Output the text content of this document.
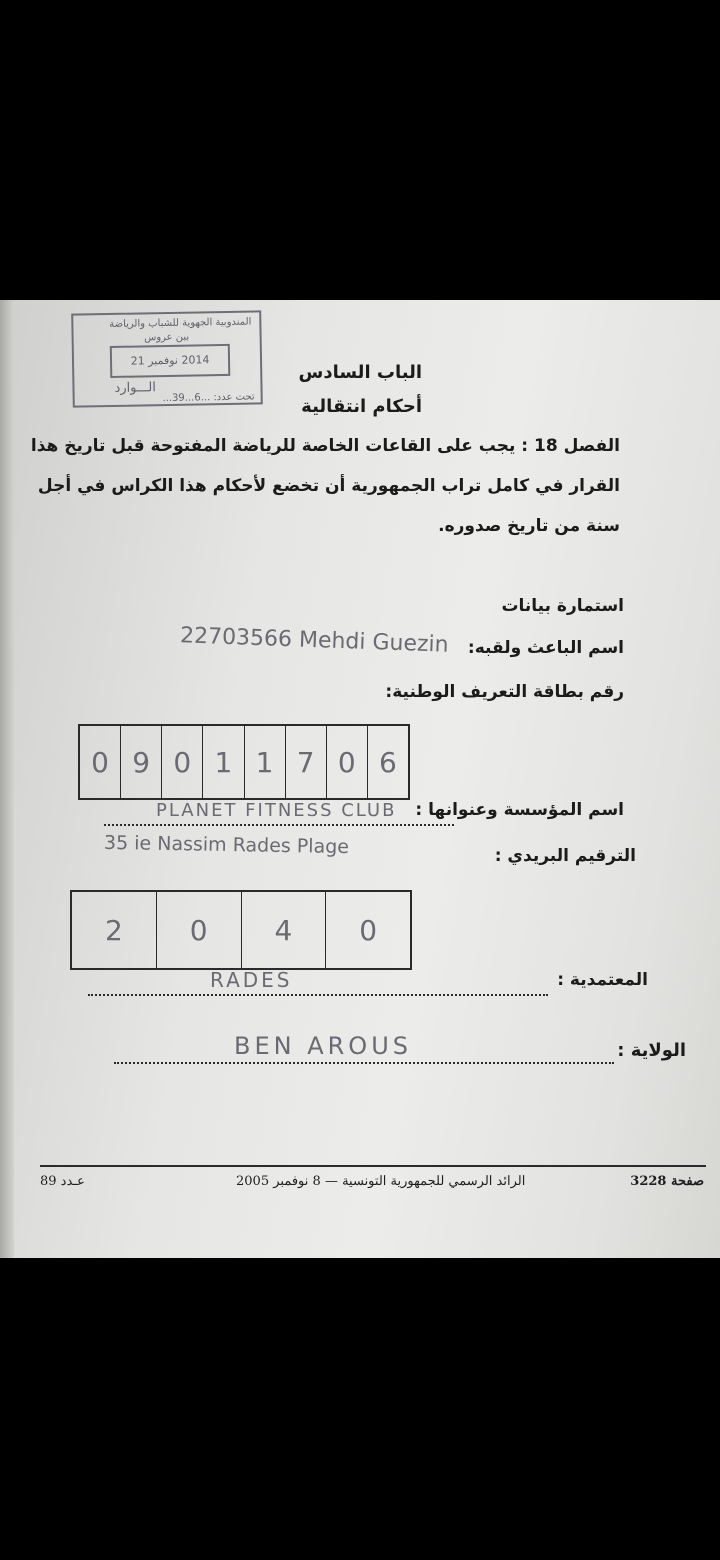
المندوبية الجهوية للشباب والرياضة
ببن عروس
2014 نوفمبر 21
الـــوارد
تحت عدد: ...6...39...
الباب السادس
أحكام انتقالية
الفصل 18 : يجب على القاعات الخاصة للرياضة المفتوحة قبل تاريخ هذا
القرار في كامل تراب الجمهورية أن تخضع لأحكام هذا الكراس في أجل
سنة من تاريخ صدوره.
استمارة بيانات
اسم الباعث ولقبه:
22703566 Mehdi Guezin
رقم بطاقة التعريف الوطنية:
0 9 0 1 1 7 0 6
اسم المؤسسة وعنوانها :
PLANET FITNESS CLUB
الترقيم البريدي :
35 ie Nassim Rades Plage
2	0	4	0
المعتمدية :
RADES
الولاية :
BEN AROUS
صفحة 3228
الرائد الرسمي للجمهورية التونسية — 8 نوفمبر 2005
عـدد 89
